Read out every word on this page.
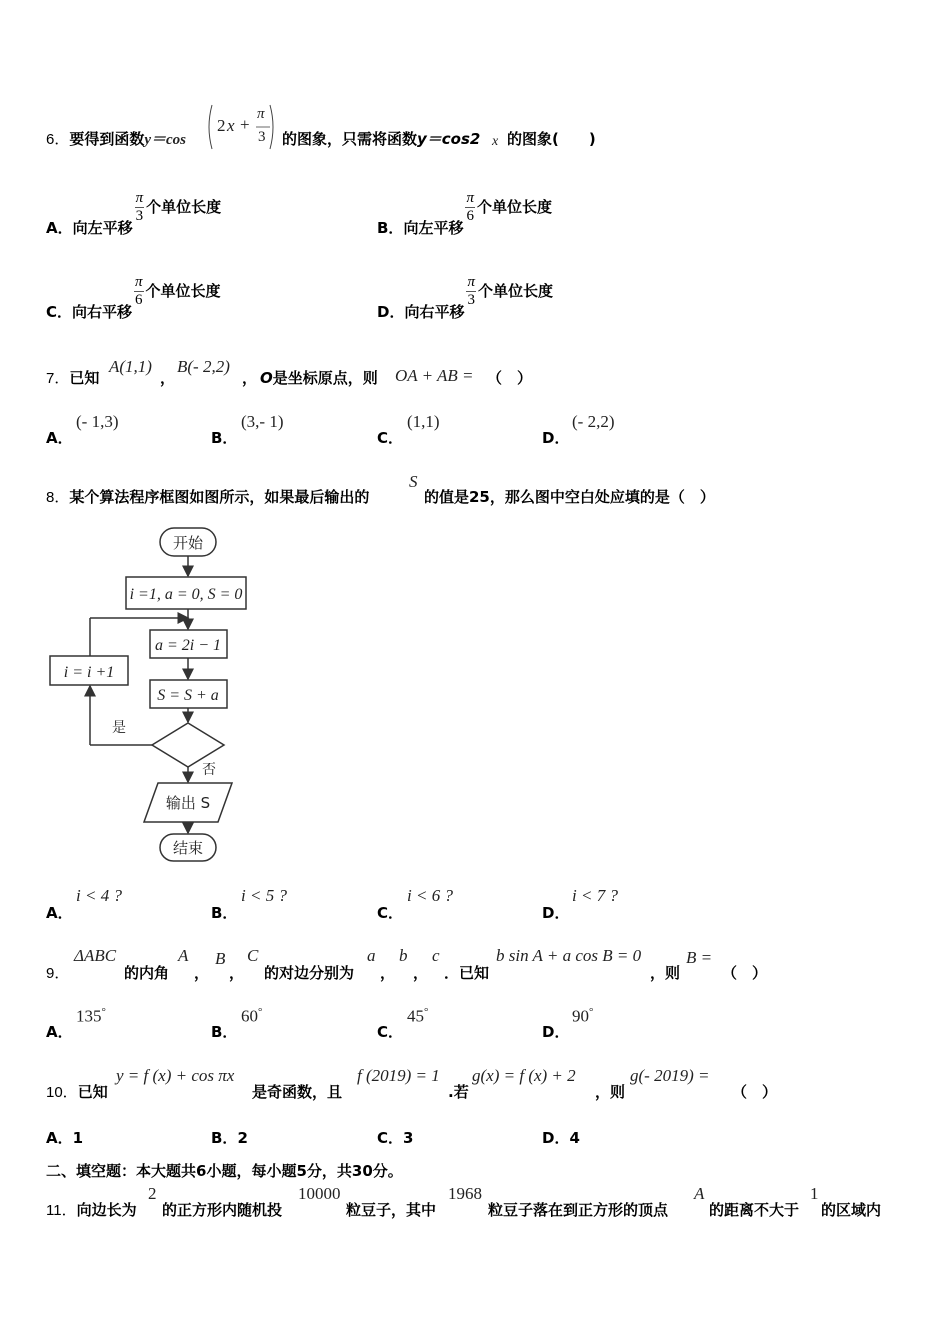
6．要得到函数y＝cos
2 x +
π
3 的图象，只需将函数y＝cos2 x 的图象(　　)
A．向左平移
$\frac{\pi}{3}$ 个单位长度
B．向左平移
$\frac{\pi}{6}$ 个单位长度
C．向右平移
$\frac{\pi}{6}$ 个单位长度
D．向右平移
$\frac{\pi}{3}$ 个单位长度
7．已知
A(1,1)
，
B(- 2,2)
， O是坐标原点，则 OA + AB = （　）
A．
(- 1,3)
B．
(3,- 1)
C．
(1,1)
D．
(- 2,2)
8．某个算法程序框图如图所示，如果最后输出的
S
的值是25，那么图中空白处应填的是（　）
开始
i =1, a = 0, S = 0
a = 2i − 1
S = S + a
i = i +1
是
否
输出 S
结束
A．
i < 4 ?
B．
i < 5 ?
C．
i < 6 ?
D．
i < 7 ?
9．
ΔABC
的内角
A
，
B
，
C
的对边分别为
a
，
b
，
c
．已知
b sin A + a cos B = 0
，则
B =
（　）
A．
135°
B．
60°
C．
45°
D．
90°
10．已知
y = f (x) + cos πx
是奇函数，且
f (2019) = 1
.若
g(x) = f (x) + 2
，则
g(- 2019) =
（　）
A．1	B．2	C．3	D．4
二、填空题：本大题共6小题，每小题5分，共30分。
11．向边长为
2
的正方形内随机投
10000
粒豆子，其中
1968
粒豆子落在到正方形的顶点
A
的距离不大于
1
的区域内
